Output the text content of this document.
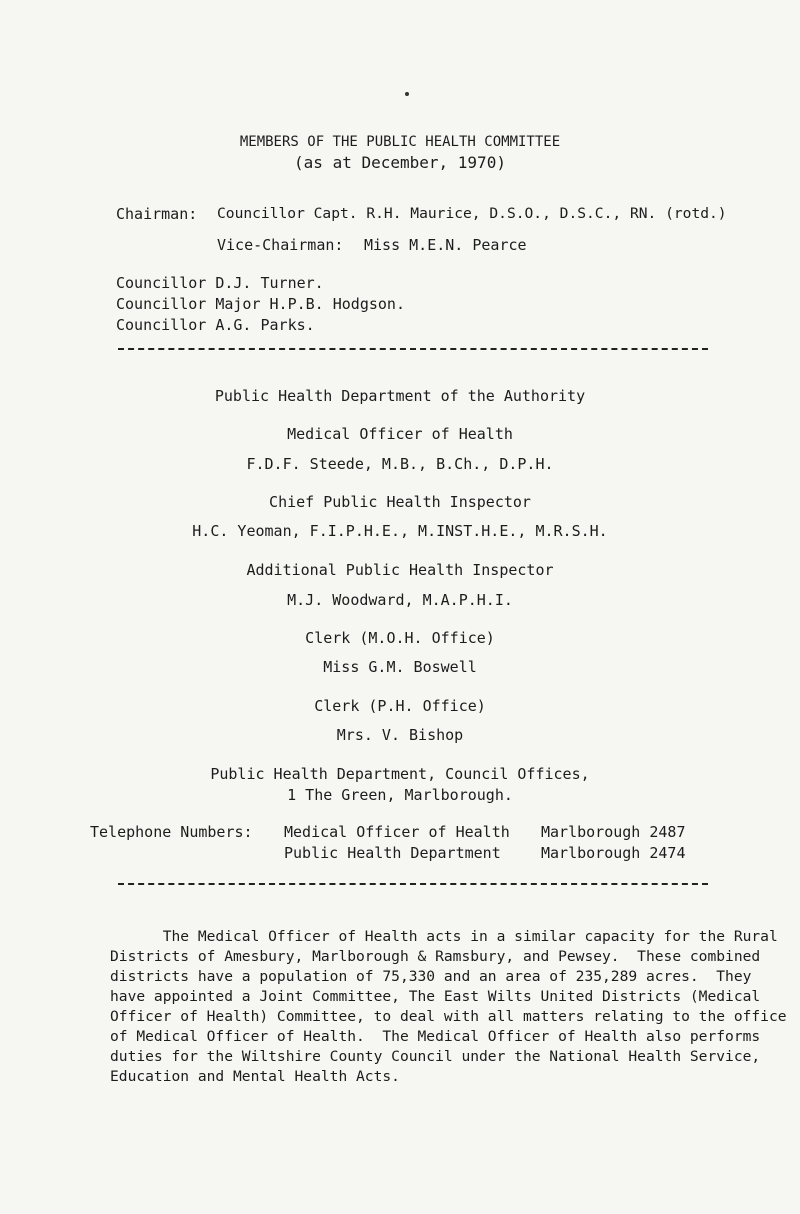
MEMBERS OF THE PUBLIC HEALTH COMMITTEE
(as at December, 1970)
Chairman: Councillor Capt. R.H. Maurice, D.S.O., D.S.C., RN. (rotd.)
Vice-Chairman: Miss M.E.N. Pearce
Councillor D.J. Turner.
Councillor Major H.P.B. Hodgson.
Councillor A.G. Parks.
Public Health Department of the Authority
Medical Officer of Health
F.D.F. Steede, M.B., B.Ch., D.P.H.
Chief Public Health Inspector
H.C. Yeoman, F.I.P.H.E., M.INST.H.E., M.R.S.H.
Additional Public Health Inspector
M.J. Woodward, M.A.P.H.I.
Clerk (M.O.H. Office)
Miss G.M. Boswell
Clerk (P.H. Office)
Mrs. V. Bishop
Public Health Department, Council Offices,
1 The Green, Marlborough.
Telephone Numbers: Medical Officer of Health Marlborough 2487
Public Health Department	Marlborough 2474

The Medical Officer of Health acts in a similar capacity for the Rural

Districts of Amesbury, Marlborough & Ramsbury, and Pewsey.  These combined

districts have a population of 75,330 and an area of 235,289 acres.  They

have appointed a Joint Committee, The East Wilts United Districts (Medical

Officer of Health) Committee, to deal with all matters relating to the office

of Medical Officer of Health.  The Medical Officer of Health also performs

duties for the Wiltshire County Council under the National Health Service,

Education and Mental Health Acts.
